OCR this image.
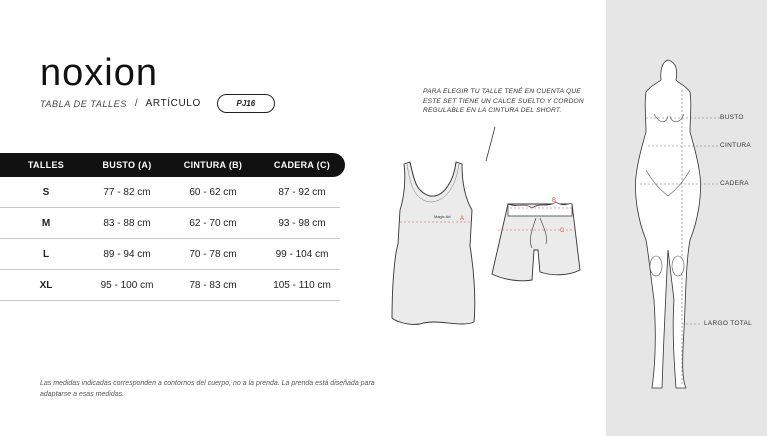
noxion
TABLA DE TALLES / ARTÍCULO	PJ16
TALLES	BUSTO (A)	CINTURA (B)	CADERA (C)
S	77 - 82 cm	60 - 62 cm	87 - 92 cm
M	83 - 88 cm	62 - 70 cm	93 - 98 cm
L	89 - 94 cm	70 - 78 cm	99 - 104 cm
XL	95 - 100 cm	78 - 83 cm	105 - 110 cm
Las medidas indicadas corresponden a contornos del cuerpo, no a la prenda. La prenda está diseñada para adaptarse a esas medidas.
PARA ELEGIR TU TALLE TENÉ EN CUENTA QUE ESTE SET TIENE UN CALCE SUELTO Y CORDON REGULABLE EN LA CINTURA DEL SHORT.
Magic Art A
B
C
BUSTO
CINTURA
CADERA
LARGO TOTAL
